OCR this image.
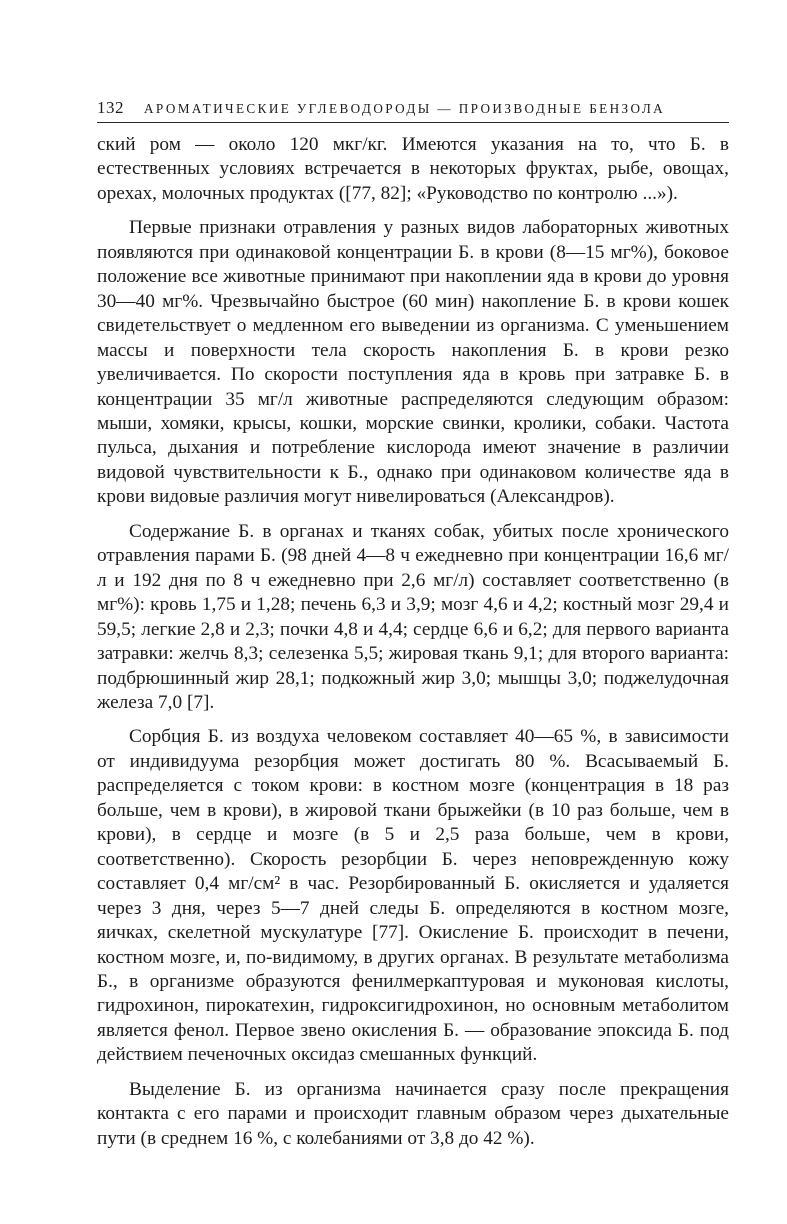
132 АРОМАТИЧЕСКИЕ УГЛЕВОДОРОДЫ — ПРОИЗВОДНЫЕ БЕНЗОЛА

ский ром — около 120 мкг/кг. Имеются указания на то, что Б. в естественных условиях встречается в некоторых фруктах, рыбе, овощах, орехах, молочных продуктах ([77, 82]; «Руководство по контролю ...»).

Первые признаки отравления у разных видов лабораторных животных появляются при одинаковой концентрации Б. в крови (8—15 мг%), боковое положение все животные принимают при накоплении яда в крови до уровня 30—40 мг%. Чрезвычайно быстрое (60 мин) накопление Б. в крови кошек свидетельствует о медленном его выведении из организма. С уменьшением массы и поверхности тела скорость накопления Б. в крови резко увеличивается. По скорости поступления яда в кровь при затравке Б. в концентрации 35 мг/л животные распределяются следующим образом: мыши, хомяки, крысы, кошки, морские свинки, кролики, собаки. Частота пульса, дыхания и потребление кислорода имеют значение в различии видовой чувствительности к Б., однако при одинаковом количестве яда в крови видовые различия могут нивелироваться (Александров).

Содержание Б. в органах и тканях собак, убитых после хронического отравления парами Б. (98 дней 4—8 ч ежедневно при концентрации 16,6 мг/л и 192 дня по 8 ч ежедневно при 2,6 мг/л) составляет соответственно (в мг%): кровь 1,75 и 1,28; печень 6,3 и 3,9; мозг 4,6 и 4,2; костный мозг 29,4 и 59,5; легкие 2,8 и 2,3; почки 4,8 и 4,4; сердце 6,6 и 6,2; для первого варианта затравки: желчь 8,3; селезенка 5,5; жировая ткань 9,1; для второго варианта: подбрюшинный жир 28,1; подкожный жир 3,0; мышцы 3,0; поджелудочная железа 7,0 [7].

Сорбция Б. из воздуха человеком составляет 40—65 %, в зависимости от индивидуума резорбция может достигать 80 %. Всасываемый Б. распределяется с током крови: в костном мозге (концентрация в 18 раз больше, чем в крови), в жировой ткани брыжейки (в 10 раз больше, чем в крови), в сердце и мозге (в 5 и 2,5 раза больше, чем в крови, соответственно). Скорость резорбции Б. через неповрежденную кожу составляет 0,4 мг/см² в час. Резорбированный Б. окисляется и удаляется через 3 дня, через 5—7 дней следы Б. определяются в костном мозге, яичках, скелетной мускулатуре [77]. Окисление Б. происходит в печени, костном мозге, и, по-видимому, в других органах. В результате метаболизма Б., в организме образуются фенилмеркаптуровая и муконовая кислоты, гидрохинон, пирокатехин, гидроксигидрохинон, но основным метаболитом является фенол. Первое звено окисления Б. — образование эпоксида Б. под действием печеночных оксидаз смешанных функций.

Выделение Б. из организма начинается сразу после прекращения контакта с его парами и происходит главным образом через дыхательные пути (в среднем 16 %, с колебаниями от 3,8 до 42 %).
